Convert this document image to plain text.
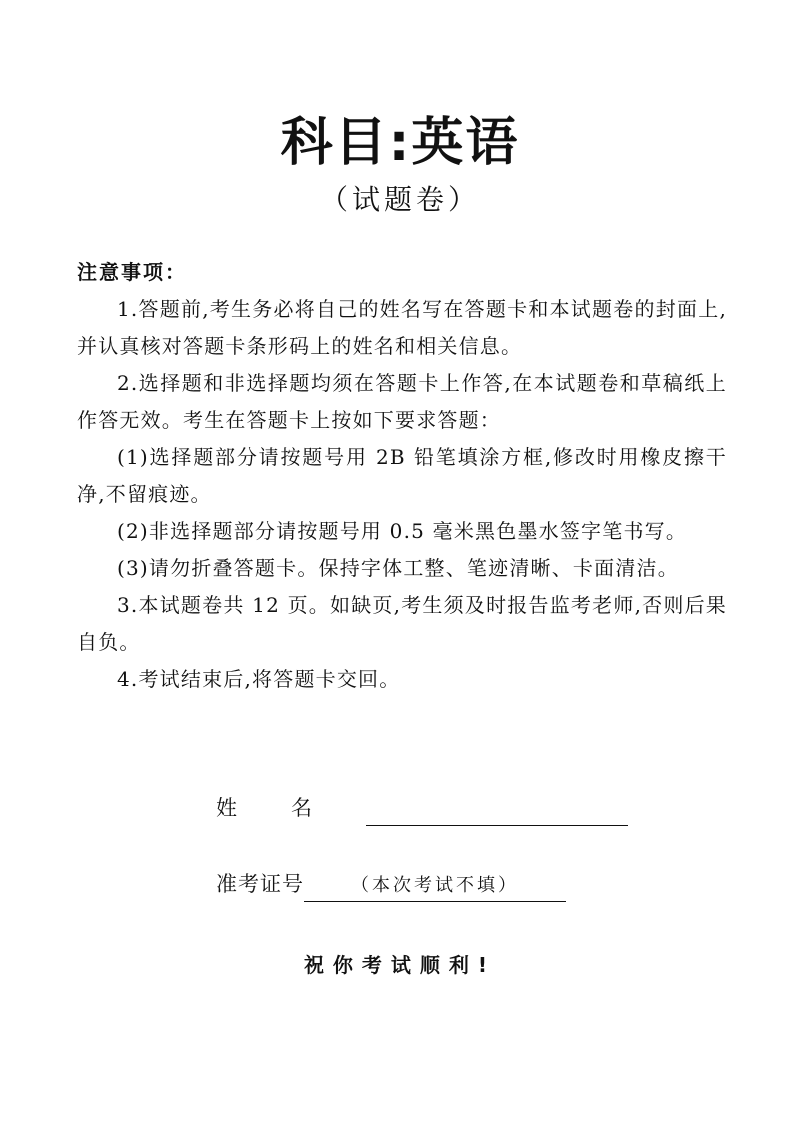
科目:英语
（试题卷）
注意事项：

1.答题前,考生务必将自己的姓名写在答题卡和本试题卷的封面上,并认真核对答题卡条形码上的姓名和相关信息。

2.选择题和非选择题均须在答题卡上作答,在本试题卷和草稿纸上作答无效。考生在答题卡上按如下要求答题：

(1)选择题部分请按题号用 2B 铅笔填涂方框,修改时用橡皮擦干净,不留痕迹。

(2)非选择题部分请按题号用 0.5 毫米黑色墨水签字笔书写。

(3)请勿折叠答题卡。保持字体工整、笔迹清晰、卡面清洁。

3.本试题卷共 12 页。如缺页,考生须及时报告监考老师,否则后果自负。

4.考试结束后,将答题卡交回。

姓名
准考证号	（本次考试不填）
祝你考试顺利!
